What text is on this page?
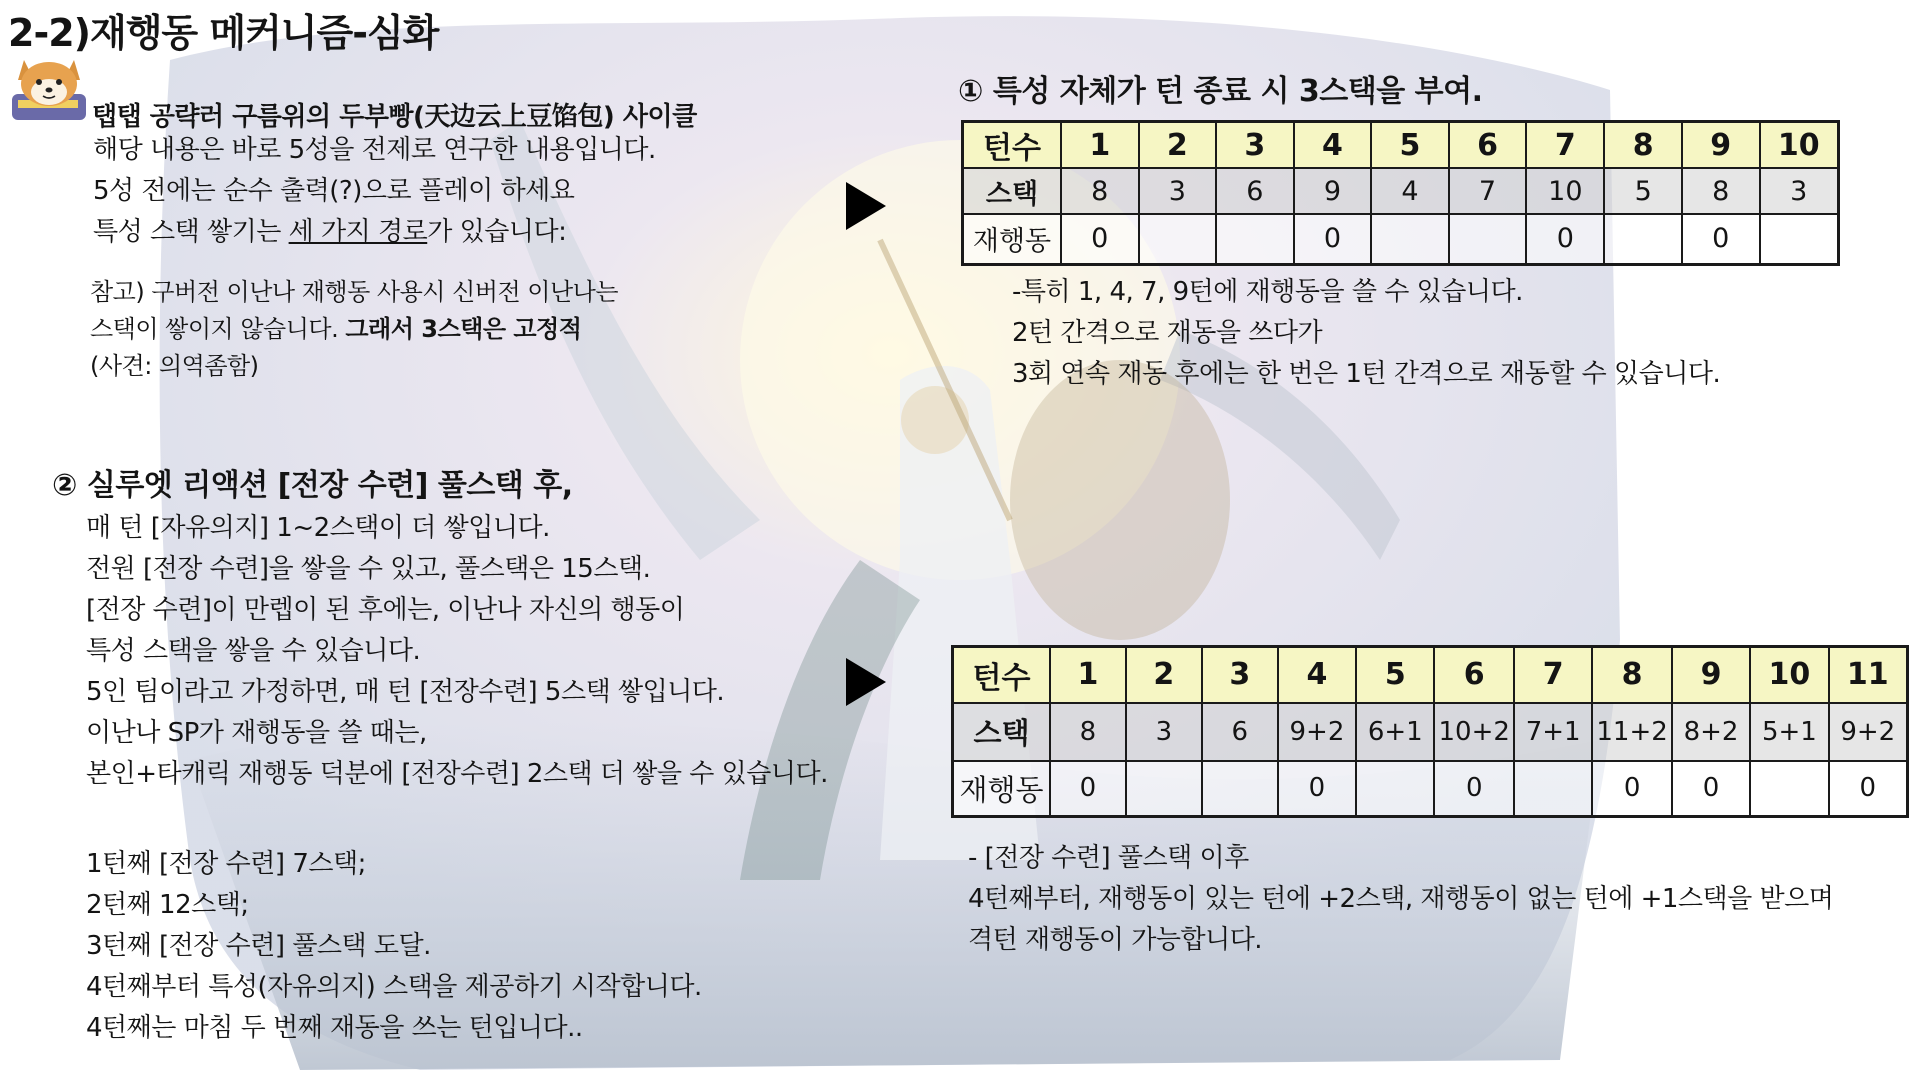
2-2)재행동 메커니즘-심화
탭탭 공략러 구름위의 두부빵(天边云上豆馅包) 사이클
해당 내용은 바로 5성을 전제로 연구한 내용입니다.
5성 전에는 순수 출력(?)으로 플레이 하세요
특성 스택 쌓기는 세 가지 경로가 있습니다:
참고) 구버전 이난나 재행동 사용시 신버전 이난나는
스택이 쌓이지 않습니다. 그래서 3스택은 고정적
(사견: 의역좀함)
① 특성 자체가 턴 종료 시 3스택을 부여.
턴수	1	2	3	4	5	6	7	8	9	10
스택	8	3	6	9	4	7	10	5	8	3
재행동	0			0			0		0	
-특히 1, 4, 7, 9턴에 재행동을 쓸 수 있습니다.
2턴 간격으로 재동을 쓰다가
3회 연속 재동 후에는 한 번은 1턴 간격으로 재동할 수 있습니다.
② 실루엣 리액션 [전장 수련] 풀스택 후,
매 턴 [자유의지] 1~2스택이 더 쌓입니다.
전원 [전장 수련]을 쌓을 수 있고, 풀스택은 15스택.
[전장 수련]이 만렙이 된 후에는, 이난나 자신의 행동이
특성 스택을 쌓을 수 있습니다.
5인 팀이라고 가정하면, 매 턴 [전장수련] 5스택 쌓입니다.
이난나 SP가 재행동을 쓸 때는,
본인+타캐릭 재행동 덕분에 [전장수련] 2스택 더 쌓을 수 있습니다.
1턴째 [전장 수련] 7스택;
2턴째 12스택;
3턴째 [전장 수련] 풀스택 도달.
4턴째부터 특성(자유의지) 스택을 제공하기 시작합니다.
4턴째는 마침 두 번째 재동을 쓰는 턴입니다..
턴수	1	2	3	4	5	6	7	8	9	10	11
스택	8	3	6	9+2	6+1	10+2	7+1	11+2	8+2	5+1	9+2
재행동	0			0		0		0	0		0
- [전장 수련] 풀스택 이후
4턴째부터, 재행동이 있는 턴에 +2스택, 재행동이 없는 턴에 +1스택을 받으며
격턴 재행동이 가능합니다.
